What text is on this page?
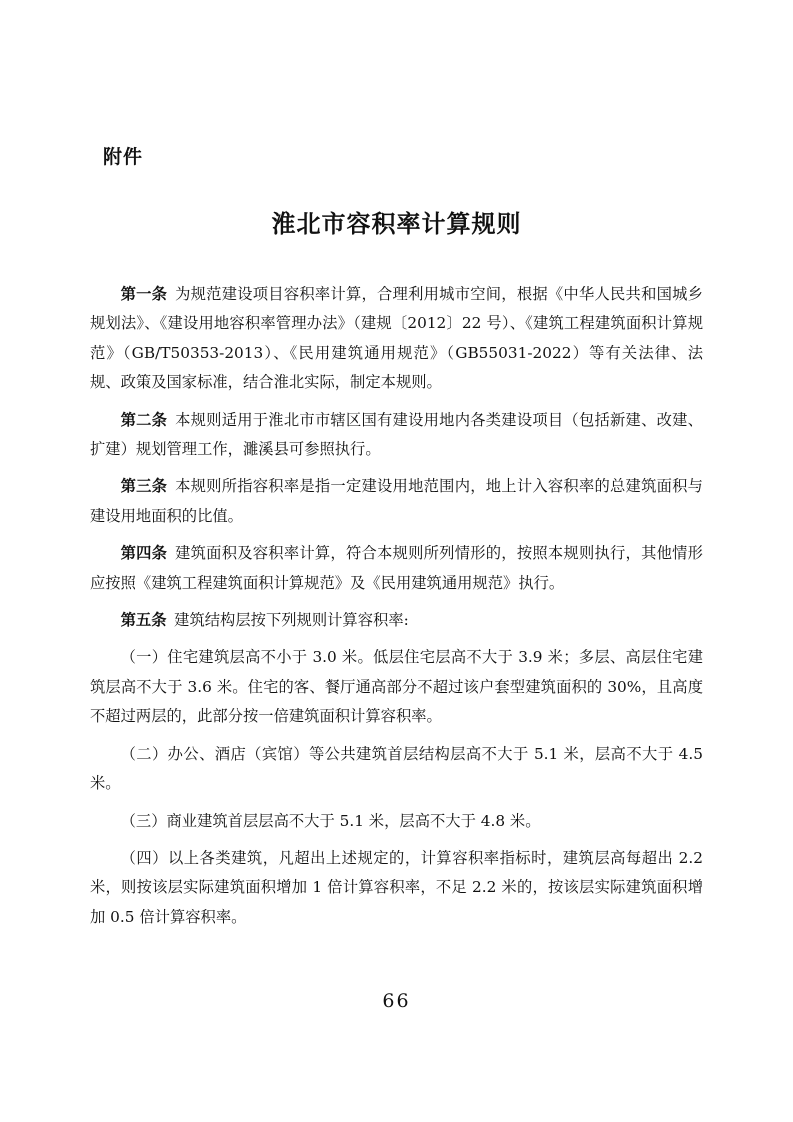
附件

淮北市容积率计算规则

第一条  为规范建设项目容积率计算，合理利用城市空间，根据《中华人民共和国城乡规划法》、《建设用地容积率管理办法》（建规〔2012〕22 号）、《建筑工程建筑面积计算规范》（GB/T50353-2013）、《民用建筑通用规范》（GB55031-2022）等有关法律、法规、政策及国家标准，结合淮北实际，制定本规则。

第二条  本规则适用于淮北市市辖区国有建设用地内各类建设项目（包括新建、改建、扩建）规划管理工作，濉溪县可参照执行。

第三条  本规则所指容积率是指一定建设用地范围内，地上计入容积率的总建筑面积与建设用地面积的比值。

第四条  建筑面积及容积率计算，符合本规则所列情形的，按照本规则执行，其他情形应按照《建筑工程建筑面积计算规范》及《民用建筑通用规范》执行。

第五条  建筑结构层按下列规则计算容积率:

（一）住宅建筑层高不小于 3.0 米。低层住宅层高不大于 3.9 米；多层、高层住宅建筑层高不大于 3.6 米。住宅的客、餐厅通高部分不超过该户套型建筑面积的 30%，且高度不超过两层的，此部分按一倍建筑面积计算容积率。

（二）办公、酒店（宾馆）等公共建筑首层结构层高不大于 5.1 米，层高不大于 4.5 米。

（三）商业建筑首层层高不大于 5.1 米，层高不大于 4.8 米。

（四）以上各类建筑，凡超出上述规定的，计算容积率指标时，建筑层高每超出 2.2 米，则按该层实际建筑面积增加 1 倍计算容积率，不足 2.2 米的，按该层实际建筑面积增加 0.5 倍计算容积率。

66
